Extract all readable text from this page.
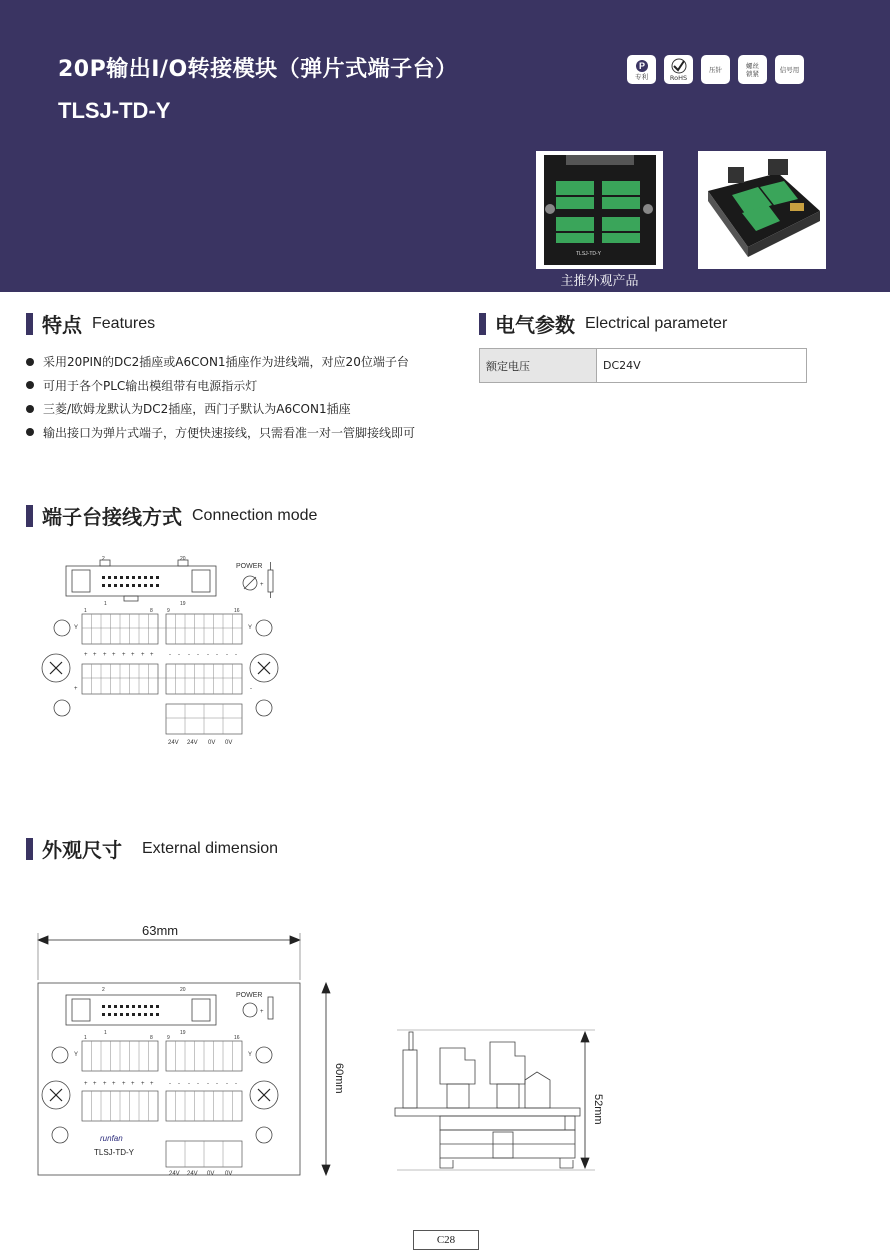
20P输出I/O转接模块（弹片式端子台）
TLSJ-TD-Y
P
专利	RoHS
压针	螺丝
锁紧	信号用
TLSJ-TD-Y
主推外观产品
特点 Features
采用20PIN的DC2插座或A6CON1插座作为进线端，对应20位端子台
可用于各个PLC输出模组带有电源指示灯
三菱/欧姆龙默认为DC2插座，西门子默认为A6CON1插座
输出接口为弹片式端子，方便快速接线，只需看准一对一管脚接线即可
电气参数 Electrical parameter
额定电压	DC24V
端子台接线方式 Connection mode
2	20
1	19
POWER
+
Y	Y
1	8	9	16
+	-
+ + + + + + + +	- - - - - - - -
24V 24V 0V 0V
外观尺寸 External dimension
63mm
60mm
2	20
1	19
POWER
+
Y	Y
1	8	9	16
+ + + + + + + +	- - - - - - - -
runfan
TLSJ-TD-Y
24V 24V 0V 0V
52mm
C28
